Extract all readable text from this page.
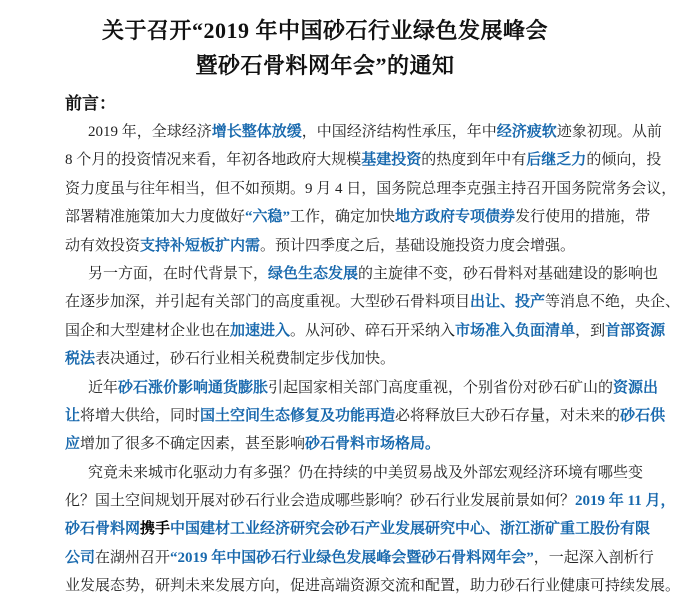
关于召开“2019 年中国砂石行业绿色发展峰会
暨砂石骨料网年会”的通知
前言：
2019 年，全球经济增长整体放缓，中国经济结构性承压，年中经济疲软迹象初现。从前
8 个月的投资情况来看，年初各地政府大规模基建投资的热度到年中有后继乏力的倾向，投
资力度虽与往年相当，但不如预期。9 月 4 日，国务院总理李克强主持召开国务院常务会议，
部署精准施策加大力度做好“六稳”工作，确定加快地方政府专项债券发行使用的措施，带
动有效投资支持补短板扩内需。预计四季度之后，基础设施投资力度会增强。
另一方面，在时代背景下，绿色生态发展的主旋律不变，砂石骨料对基础建设的影响也
在逐步加深，并引起有关部门的高度重视。大型砂石骨料项目出让、投产等消息不绝，央企、
国企和大型建材企业也在加速进入。从河砂、碎石开采纳入市场准入负面清单，到首部资源
税法表决通过，砂石行业相关税费制定步伐加快。
近年砂石涨价影响通货膨胀引起国家相关部门高度重视，个别省份对砂石矿山的资源出
让将增大供给，同时国土空间生态修复及功能再造必将释放巨大砂石存量，对未来的砂石供
应增加了很多不确定因素，甚至影响砂石骨料市场格局。
究竟未来城市化驱动力有多强？仍在持续的中美贸易战及外部宏观经济环境有哪些变
化？国土空间规划开展对砂石行业会造成哪些影响？砂石行业发展前景如何？2019 年 11 月，
砂石骨料网携手中国建材工业经济研究会砂石产业发展研究中心、浙江浙矿重工股份有限
公司在湖州召开“2019 年中国砂石行业绿色发展峰会暨砂石骨料网年会”，一起深入剖析行
业发展态势，研判未来发展方向，促进高端资源交流和配置，助力砂石行业健康可持续发展。
